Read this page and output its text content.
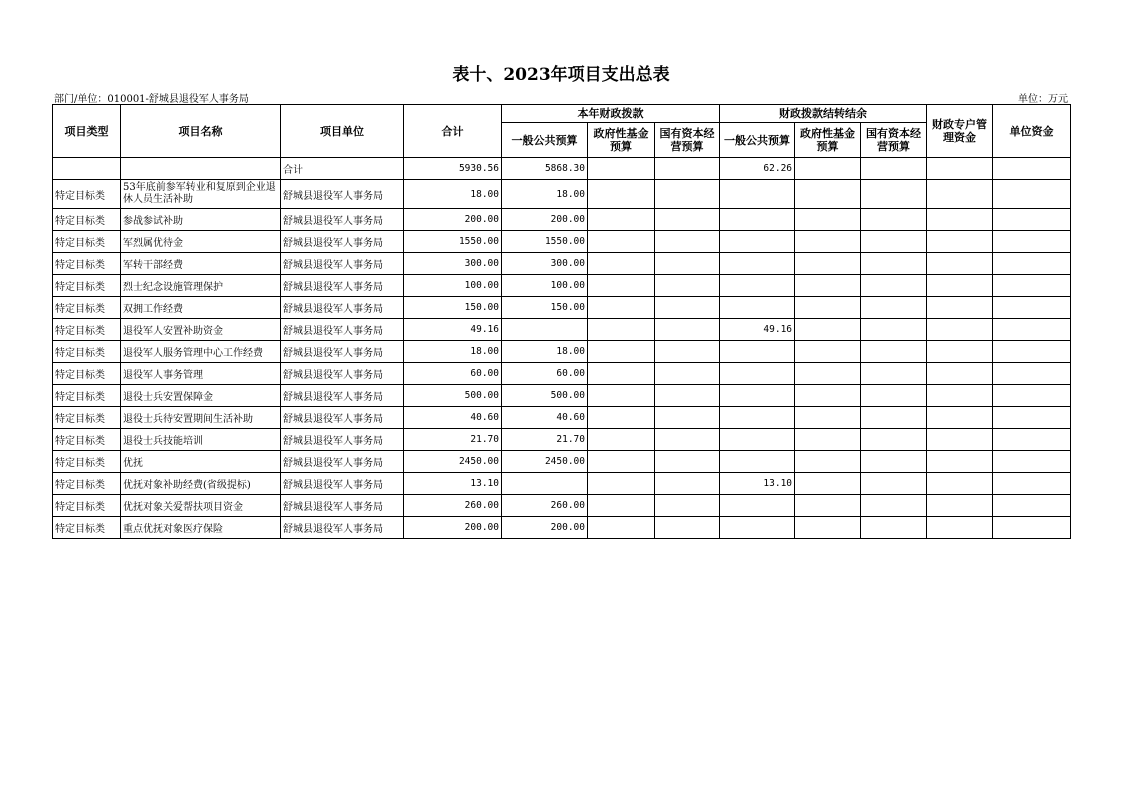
表十、2023年项目支出总表
部门/单位：010001-舒城县退役军人事务局	单位：万元
项目类型	项目名称	项目单位	合计	本年财政拨款			财政拨款结转结余			财政专户管理资金	单位资金
				一般公共预算	政府性基金预算	国有资本经营预算	一般公共预算	政府性基金预算	国有资本经营预算		
		合计	5930.56	5868.30			62.26				
特定目标类	53年底前参军转业和复原到企业退休人员生活补助	舒城县退役军人事务局	18.00	18.00							
特定目标类	参战参试补助	舒城县退役军人事务局	200.00	200.00							
特定目标类	军烈属优待金	舒城县退役军人事务局	1550.00	1550.00							
特定目标类	军转干部经费	舒城县退役军人事务局	300.00	300.00							
特定目标类	烈士纪念设施管理保护	舒城县退役军人事务局	100.00	100.00							
特定目标类	双拥工作经费	舒城县退役军人事务局	150.00	150.00							
特定目标类	退役军人安置补助资金	舒城县退役军人事务局	49.16				49.16				
特定目标类	退役军人服务管理中心工作经费	舒城县退役军人事务局	18.00	18.00							
特定目标类	退役军人事务管理	舒城县退役军人事务局	60.00	60.00							
特定目标类	退役士兵安置保障金	舒城县退役军人事务局	500.00	500.00							
特定目标类	退役士兵待安置期间生活补助	舒城县退役军人事务局	40.60	40.60							
特定目标类	退役士兵技能培训	舒城县退役军人事务局	21.70	21.70							
特定目标类	优抚	舒城县退役军人事务局	2450.00	2450.00							
特定目标类	优抚对象补助经费(省级提标)	舒城县退役军人事务局	13.10				13.10				
特定目标类	优抚对象关爱帮扶项目资金	舒城县退役军人事务局	260.00	260.00							
特定目标类	重点优抚对象医疗保险	舒城县退役军人事务局	200.00	200.00							
